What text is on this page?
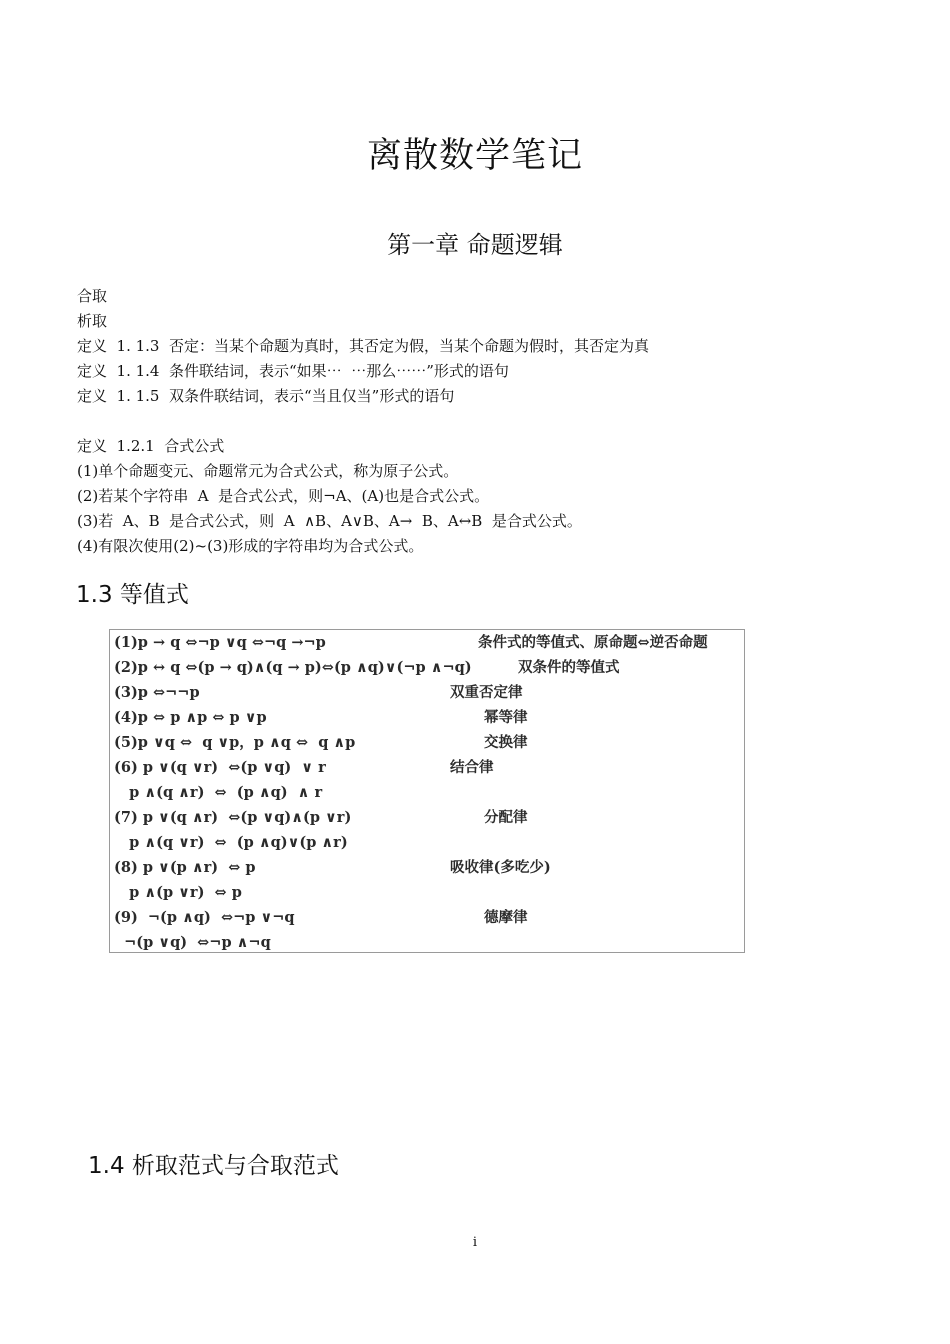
离散数学笔记
第一章 命题逻辑
合取
析取
定义  1. 1.3  否定：当某个命题为真时，其否定为假，当某个命题为假时，其否定为真
定义  1. 1.4  条件联结词，表示“如果⋯  ⋯那么⋯⋯”形式的语句
定义  1. 1.5  双条件联结词，表示“当且仅当”形式的语句
定义  1.2.1  合式公式
(1)单个命题变元、命题常元为合式公式，称为原子公式。
(2)若某个字符串  A  是合式公式，则¬A、(A)也是合式公式。
(3)若  A、B  是合式公式，则  A  ∧B、A∨B、A→  B、A↔B  是合式公式。
(4)有限次使用(2)~(3)形成的字符串均为合式公式。
1.3 等值式
(1)p → q ⇔¬p ∨q ⇔¬q →¬p	条件式的等值式、原命题⇔逆否命题
(2)p ↔ q ⇔(p → q)∧(q → p)⇔(p ∧q)∨(¬p ∧¬q)	双条件的等值式
(3)p ⇔¬¬p	双重否定律
(4)p ⇔ p ∧p ⇔ p ∨p	幂等律
(5)p ∨q ⇔  q ∨p，p ∧q ⇔  q ∧p	交换律
(6) p ∨(q ∨r)  ⇔(p ∨q)  ∨ r	结合律
p ∧(q ∧r)  ⇔  (p ∧q)  ∧ r
(7) p ∨(q ∧r)  ⇔(p ∨q)∧(p ∨r)	分配律
p ∧(q ∨r)  ⇔  (p ∧q)∨(p ∧r)
(8) p ∨(p ∧r)  ⇔ p	吸收律(多吃少)
p ∧(p ∨r)  ⇔ p
(9)  ¬(p ∧q)  ⇔¬p ∨¬q	德摩律
¬(p ∨q)  ⇔¬p ∧¬q
1.4 析取范式与合取范式
i
